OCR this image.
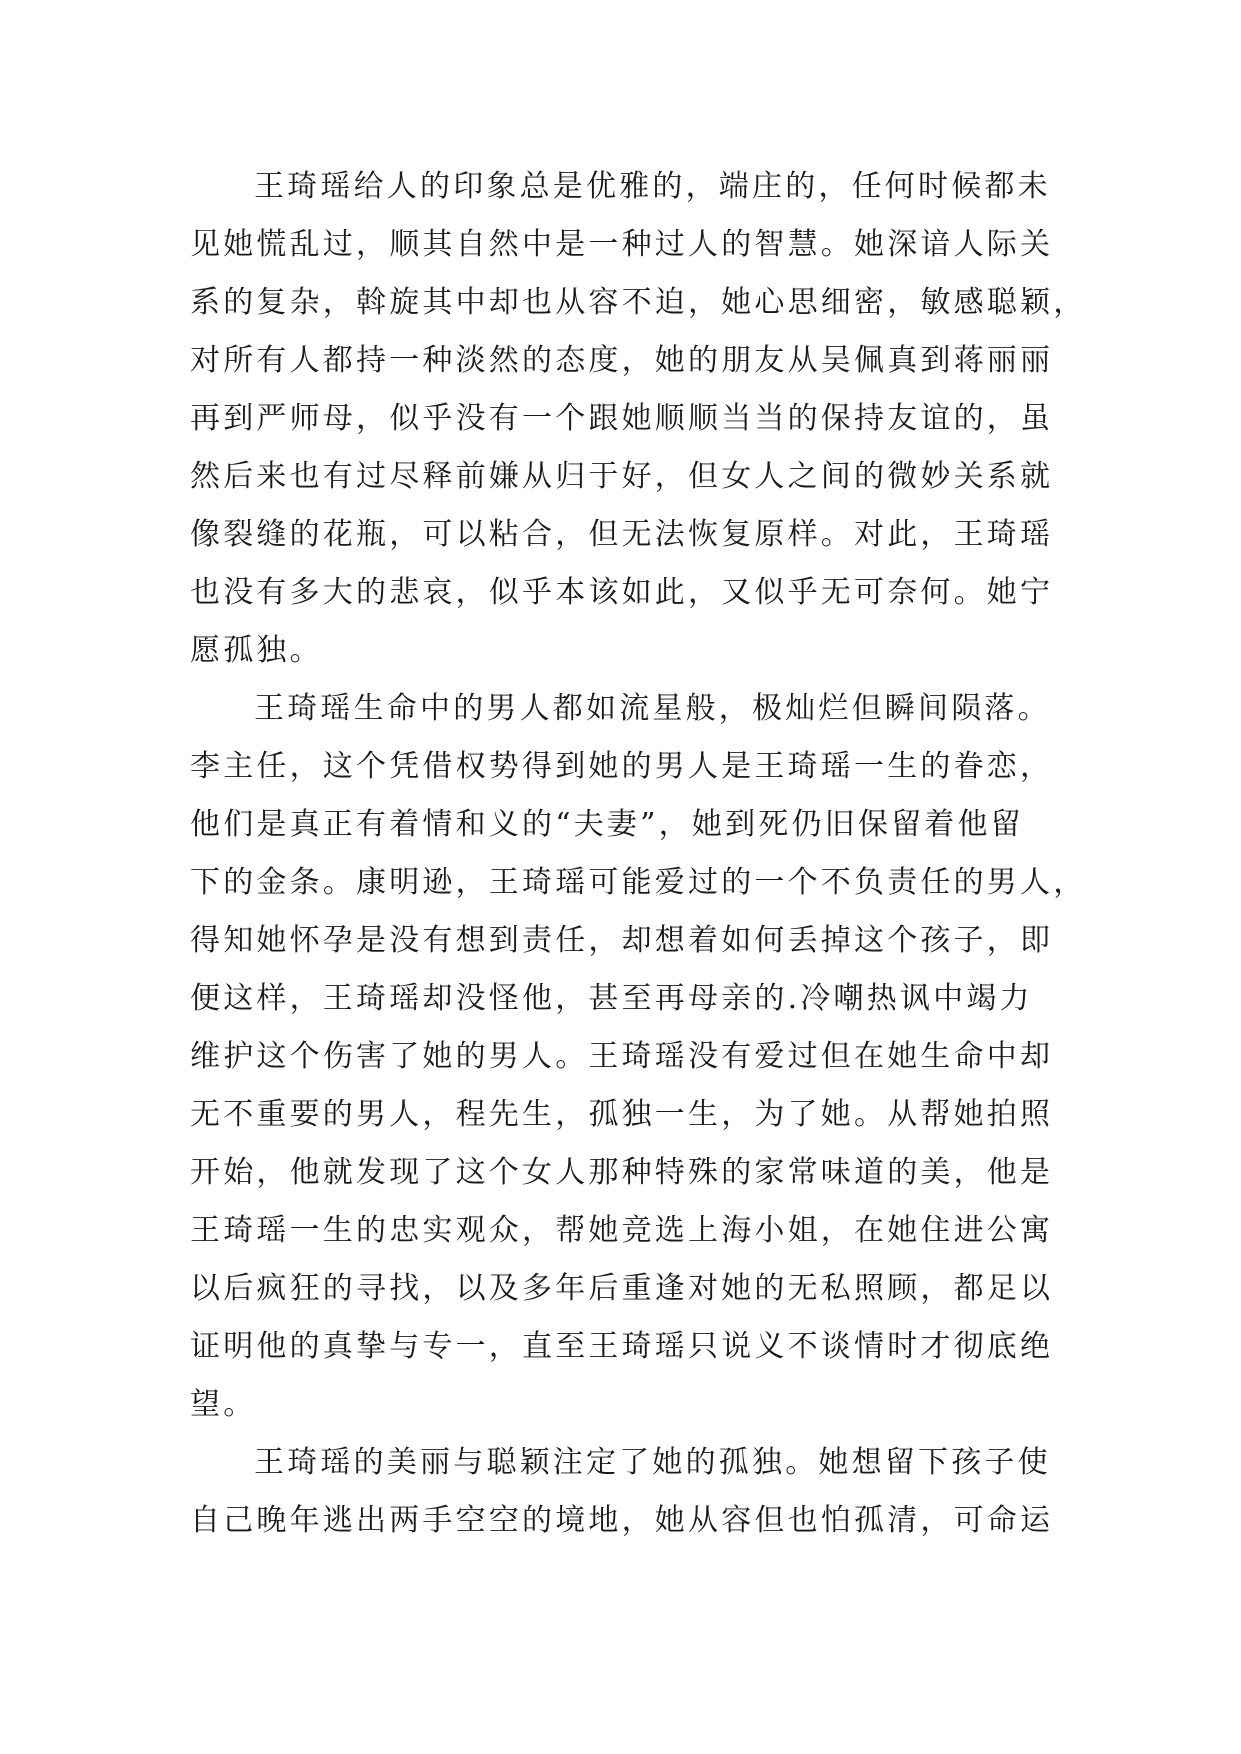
王琦瑶给人的印象总是优雅的，端庄的，任何时候都未
见她慌乱过，顺其自然中是一种过人的智慧。她深谙人际关
系的复杂，斡旋其中却也从容不迫，她心思细密，敏感聪颖，
对所有人都持一种淡然的态度，她的朋友从吴佩真到蒋丽丽
再到严师母，似乎没有一个跟她顺顺当当的保持友谊的，虽
然后来也有过尽释前嫌从归于好，但女人之间的微妙关系就
像裂缝的花瓶，可以粘合，但无法恢复原样。对此，王琦瑶
也没有多大的悲哀，似乎本该如此，又似乎无可奈何。她宁
愿孤独。
王琦瑶生命中的男人都如流星般，极灿烂但瞬间陨落。
李主任，这个凭借权势得到她的男人是王琦瑶一生的眷恋，
他们是真正有着情和义的“夫妻”，她到死仍旧保留着他留
下的金条。康明逊，王琦瑶可能爱过的一个不负责任的男人，
得知她怀孕是没有想到责任，却想着如何丢掉这个孩子，即
便这样，王琦瑶却没怪他，甚至再母亲的.冷嘲热讽中竭力
维护这个伤害了她的男人。王琦瑶没有爱过但在她生命中却
无不重要的男人，程先生，孤独一生，为了她。从帮她拍照
开始，他就发现了这个女人那种特殊的家常味道的美，他是
王琦瑶一生的忠实观众，帮她竞选上海小姐，在她住进公寓
以后疯狂的寻找，以及多年后重逢对她的无私照顾，都足以
证明他的真挚与专一，直至王琦瑶只说义不谈情时才彻底绝
望。
王琦瑶的美丽与聪颖注定了她的孤独。她想留下孩子使
自己晚年逃出两手空空的境地，她从容但也怕孤清，可命运
